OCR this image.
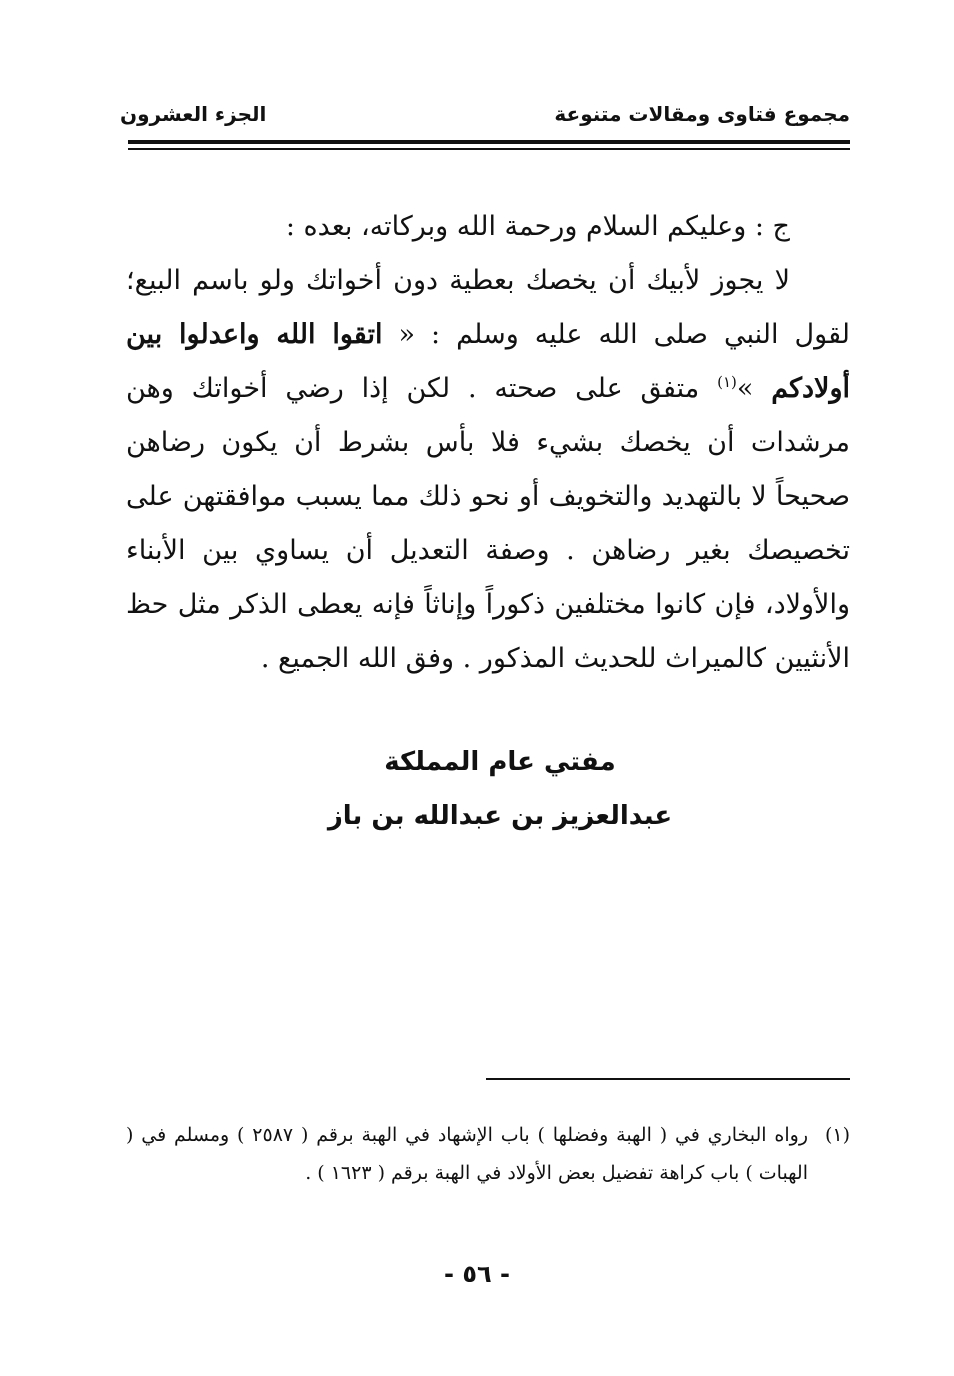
مجموع فتاوى ومقالات متنوعة
الجزء العشرون
ج : وعليكم السلام ورحمة الله وبركاته، بعده :
لا يجوز لأبيك أن يخصك بعطية دون أخواتك ولو باسم البيع؛ لقول النبي صلى الله عليه وسلم : « اتقوا الله واعدلوا بين أولادكم »$^{(١)}$ متفق على صحته . لكن إذا رضي أخواتك وهن مرشدات أن يخصك بشيء فلا بأس بشرط أن يكون رضاهن صحيحاً لا بالتهديد والتخويف أو نحو ذلك مما يسبب موافقتهن على تخصيصك بغير رضاهن . وصفة التعديل أن يساوي بين الأبناء والأولاد، فإن كانوا مختلفين ذكوراً وإناثاً فإنه يعطى الذكر مثل حظ الأنثيين كالميراث للحديث المذكور . وفق الله الجميع .
مفتي عام المملكة
عبدالعزيز بن عبدالله بن باز
(١)
رواه البخاري في ( الهبة وفضلها ) باب الإشهاد في الهبة برقم ( ٢٥٨٧ ) ومسلم في ( الهبات ) باب كراهة تفضيل بعض الأولاد في الهبة برقم ( ١٦٢٣ ) .
- ٥٦ -
